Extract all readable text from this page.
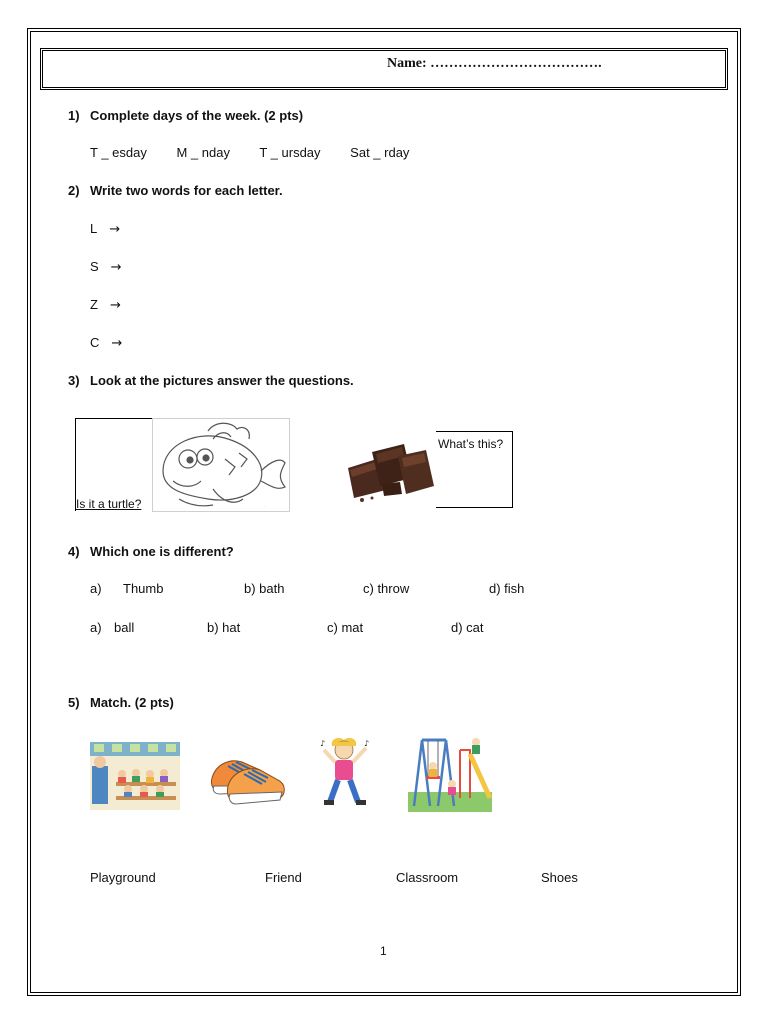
Name: ……………………………….
1) Complete days of the week. (2 pts)
T _ esday M _ nday T _ ursday Sat _ rday
2) Write two words for each letter.
L →
S →
Z →
C →
3) Look at the pictures answer the questions.
Is it a turtle?	.
What’s this?
4) Which one is different?
a) Thumb	b) bath	c) throw	d) fish
a) ball	b) hat	c) mat	d) cat
5) Match. (2 pts)
♪	♪
Playground	Friend	Classroom	Shoes
1
